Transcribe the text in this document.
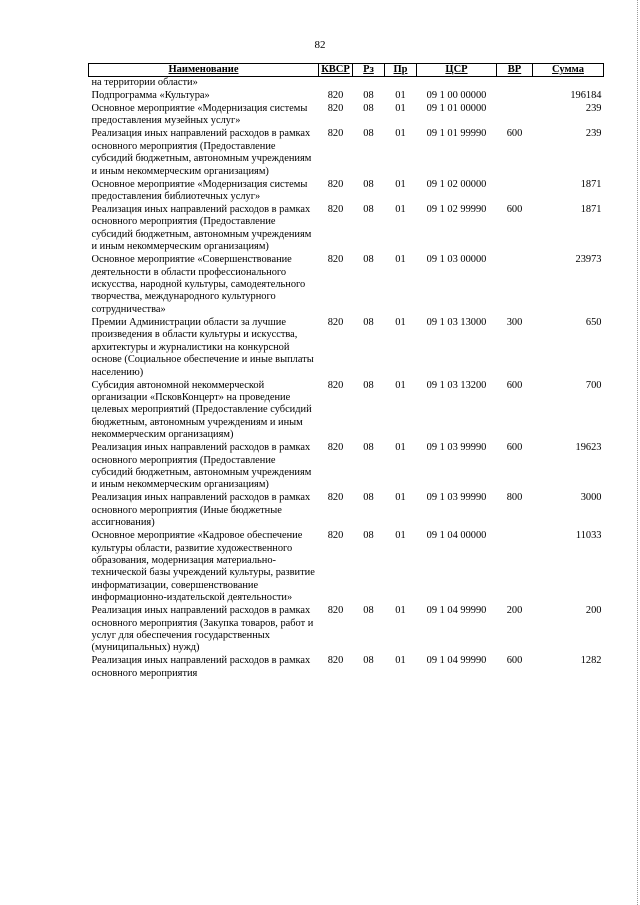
82
Наименование	КВСР	Рз	Пр	ЦСР	ВР	Сумма
на территории области»						
Подпрограмма «Культура»	820	08	01	09 1 00 00000		196184
Основное мероприятие «Модернизация системы предоставления музейных услуг»	820	08	01	09 1 01 00000		239
Реализация иных направлений расходов в рамках основного мероприятия (Предоставление субсидий бюджетным, автономным учреждениям и иным некоммерческим организациям)	820	08	01	09 1 01 99990	600	239
Основное мероприятие «Модернизация системы предоставления библиотечных услуг»	820	08	01	09 1 02 00000		1871
Реализация иных направлений расходов в рамках основного мероприятия (Предоставление субсидий бюджетным, автономным учреждениям и иным некоммерческим организациям)	820	08	01	09 1 02 99990	600	1871
Основное мероприятие «Совершенствование деятельности в области профессионального искусства, народной культуры, самодеятельного творчества, международного культурного сотрудничества»	820	08	01	09 1 03 00000		23973
Премии Администрации области за лучшие произведения в области культуры и искусства, архитектуры и журналистики на конкурсной основе (Социальное обеспечение и иные выплаты населению)	820	08	01	09 1 03 13000	300	650
Субсидия автономной некоммерческой организации «ПсковКонцерт» на проведение целевых мероприятий (Предоставление субсидий бюджетным, автономным учреждениям и иным некоммерческим организациям)	820	08	01	09 1 03 13200	600	700
Реализация иных направлений расходов в рамках основного мероприятия (Предоставление субсидий бюджетным, автономным учреждениям и иным некоммерческим организациям)	820	08	01	09 1 03 99990	600	19623
Реализация иных направлений расходов в рамках основного мероприятия (Иные бюджетные ассигнования)	820	08	01	09 1 03 99990	800	3000
Основное мероприятие «Кадровое обеспечение культуры области, развитие художественного образования, модернизация материально-технической базы учреждений культуры, развитие информатизации, совершенствование информационно-издательской деятельности»	820	08	01	09 1 04 00000		11033
Реализация иных направлений расходов в рамках основного мероприятия (Закупка товаров, работ и услуг для обеспечения государственных (муниципальных) нужд)	820	08	01	09 1 04 99990	200	200
Реализация иных направлений расходов в рамках основного мероприятия	820	08	01	09 1 04 99990	600	1282
